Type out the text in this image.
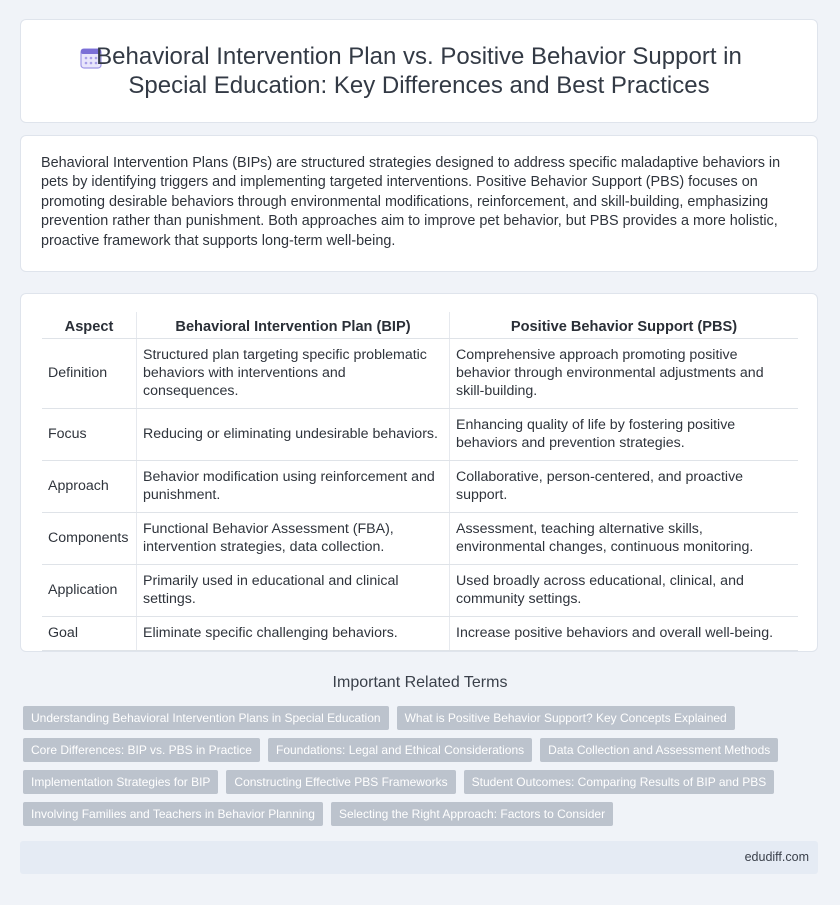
Behavioral Intervention Plan vs. Positive Behavior Support in Special Education: Key Differences and Best Practices

Behavioral Intervention Plans (BIPs) are structured strategies designed to address specific maladaptive behaviors in pets by identifying triggers and implementing targeted interventions. Positive Behavior Support (PBS) focuses on promoting desirable behaviors through environmental modifications, reinforcement, and skill-building, emphasizing prevention rather than punishment. Both approaches aim to improve pet behavior, but PBS provides a more holistic, proactive framework that supports long-term well-being.

Aspect	Behavioral Intervention Plan (BIP)	Positive Behavior Support (PBS)
Definition	Structured plan targeting specific problematic behaviors with interventions and consequences.	Comprehensive approach promoting positive behavior through environmental adjustments and skill-building.
Focus	Reducing or eliminating undesirable behaviors.	Enhancing quality of life by fostering positive behaviors and prevention strategies.
Approach	Behavior modification using reinforcement and punishment.	Collaborative, person-centered, and proactive support.
Components	Functional Behavior Assessment (FBA), intervention strategies, data collection.	Assessment, teaching alternative skills, environmental changes, continuous monitoring.
Application	Primarily used in educational and clinical settings.	Used broadly across educational, clinical, and community settings.
Goal	Eliminate specific challenging behaviors.	Increase positive behaviors and overall well-being.
Important Related Terms
Understanding Behavioral Intervention Plans in Special Education	What is Positive Behavior Support? Key Concepts Explained
Core Differences: BIP vs. PBS in Practice	Foundations: Legal and Ethical Considerations	Data Collection and Assessment Methods
Implementation Strategies for BIP	Constructing Effective PBS Frameworks	Student Outcomes: Comparing Results of BIP and PBS
Involving Families and Teachers in Behavior Planning	Selecting the Right Approach: Factors to Consider
edudiff.com
